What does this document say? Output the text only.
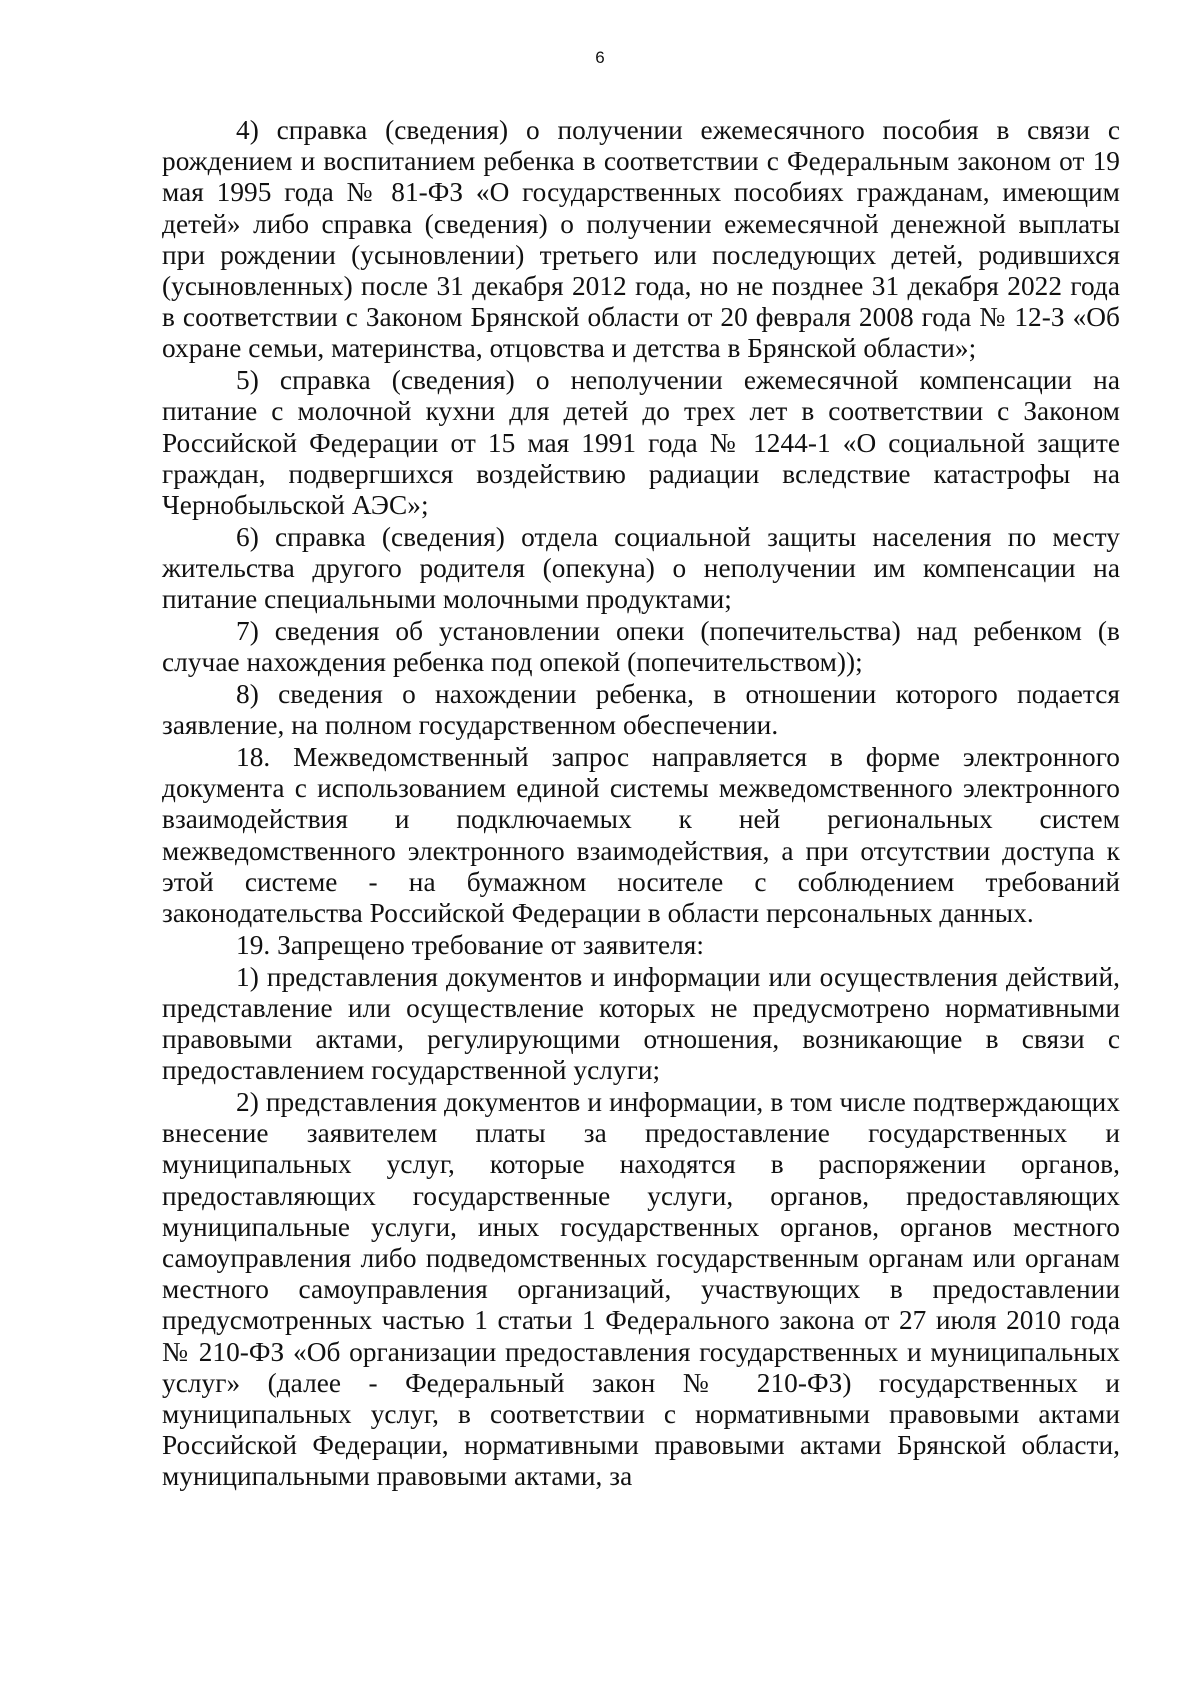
6

4) справка (сведения) о получении ежемесячного пособия в связи с рождением и воспитанием ребенка в соответствии с Федеральным законом от 19 мая 1995 года № 81-ФЗ «О государственных пособиях гражданам, имеющим детей» либо справка (сведения) о получении ежемесячной денежной выплаты при рождении (усыновлении) третьего или последующих детей, родившихся (усыновленных) после 31 декабря 2012 года, но не позднее 31 декабря 2022 года в соответствии с Законом Брянской области от 20 февраля 2008 года № 12-З «Об охране семьи, материнства, отцовства и детства в Брянской области»;

5) справка (сведения) о неполучении ежемесячной компенсации на питание с молочной кухни для детей до трех лет в соответствии с Законом Российской Федерации от 15 мая 1991 года № 1244-1 «О социальной защите граждан, подвергшихся воздействию радиации вследствие катастрофы на Чернобыльской АЭС»;

6) справка (сведения) отдела социальной защиты населения по месту жительства другого родителя (опекуна) о неполучении им компенсации на питание специальными молочными продуктами;

7) сведения об установлении опеки (попечительства) над ребенком (в случае нахождения ребенка под опекой (попечительством));

8) сведения о нахождении ребенка, в отношении которого подается заявление, на полном государственном обеспечении.

18. Межведомственный запрос направляется в форме электронного документа с использованием единой системы межведомственного электронного взаимодействия и подключаемых к ней региональных систем межведомственного электронного взаимодействия, а при отсутствии доступа к этой системе - на бумажном носителе с соблюдением требований законодательства Российской Федерации в области персональных данных.

19. Запрещено требование от заявителя:

1) представления документов и информации или осуществления действий, представление или осуществление которых не предусмотрено нормативными правовыми актами, регулирующими отношения, возникающие в связи с предоставлением государственной услуги;

2) представления документов и информации, в том числе подтверждающих внесение заявителем платы за предоставление государственных и муниципальных услуг, которые находятся в распоряжении органов, предоставляющих государственные услуги, органов, предоставляющих муниципальные услуги, иных государственных органов, органов местного самоуправления либо подведомственных государственным органам или органам местного самоуправления организаций, участвующих в предоставлении предусмотренных частью 1 статьи 1 Федерального закона от 27 июля 2010 года № 210-ФЗ «Об организации предоставления государственных и муниципальных услуг» (далее - Федеральный закон № 210-ФЗ) государственных и муниципальных услуг, в соответствии с нормативными правовыми актами Российской Федерации, нормативными правовыми актами Брянской области, муниципальными правовыми актами, за
